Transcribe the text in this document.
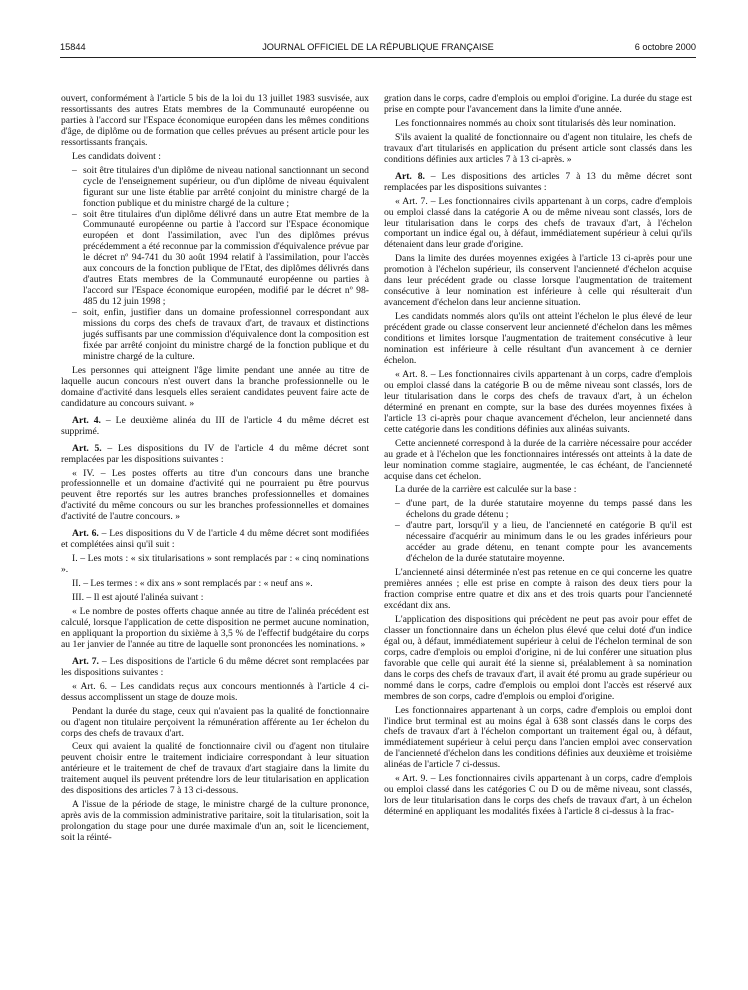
15844	JOURNAL OFFICIEL DE LA RÉPUBLIQUE FRANÇAISE	6 octobre 2000

ouvert, conformément à l'article 5 bis de la loi du 13 juillet 1983 susvisée, aux ressortissants des autres Etats membres de la Communauté européenne ou parties à l'accord sur l'Espace économique européen dans les mêmes conditions d'âge, de diplôme ou de formation que celles prévues au présent article pour les ressortissants français.

Les candidats doivent :

– soit être titulaires d'un diplôme de niveau national sanctionnant un second cycle de l'enseignement supérieur, ou d'un diplôme de niveau équivalent figurant sur une liste établie par arrêté conjoint du ministre chargé de la fonction publique et du ministre chargé de la culture ;
– soit être titulaires d'un diplôme délivré dans un autre Etat membre de la Communauté européenne ou partie à l'accord sur l'Espace économique européen et dont l'assimilation, avec l'un des diplômes prévus précédemment a été reconnue par la commission d'équivalence prévue par le décret nº 94-741 du 30 août 1994 relatif à l'assimilation, pour l'accès aux concours de la fonction publique de l'Etat, des diplômes délivrés dans d'autres Etats membres de la Communauté européenne ou parties à l'accord sur l'Espace économique européen, modifié par le décret nº 98-485 du 12 juin 1998 ;
– soit, enfin, justifier dans un domaine professionnel correspondant aux missions du corps des chefs de travaux d'art, de travaux et distinctions jugés suffisants par une commission d'équivalence dont la composition est fixée par arrêté conjoint du ministre chargé de la fonction publique et du ministre chargé de la culture.

Les personnes qui atteignent l'âge limite pendant une année au titre de laquelle aucun concours n'est ouvert dans la branche professionnelle ou le domaine d'activité dans lesquels elles seraient candidates peuvent faire acte de candidature au concours suivant. »

Art. 4. – Le deuxième alinéa du III de l'article 4 du même décret est supprimé.

Art. 5. – Les dispositions du IV de l'article 4 du même décret sont remplacées par les dispositions suivantes :

« IV. – Les postes offerts au titre d'un concours dans une branche professionnelle et un domaine d'activité qui ne pourraient pu être pourvus peuvent être reportés sur les autres branches professionnelles et domaines d'activité du même concours ou sur les branches professionnelles et domaines d'activité de l'autre concours. »

Art. 6. – Les dispositions du V de l'article 4 du même décret sont modifiées et complétées ainsi qu'il suit :

I. – Les mots : « six titularisations » sont remplacés par : « cinq nominations ».

II. – Les termes : « dix ans » sont remplacés par : « neuf ans ».

III. – Il est ajouté l'alinéa suivant :

« Le nombre de postes offerts chaque année au titre de l'alinéa précédent est calculé, lorsque l'application de cette disposition ne permet aucune nomination, en appliquant la proportion du sixième à 3,5 % de l'effectif budgétaire du corps au 1er janvier de l'année au titre de laquelle sont prononcées les nominations. »

Art. 7. – Les dispositions de l'article 6 du même décret sont remplacées par les dispositions suivantes :

« Art. 6. – Les candidats reçus aux concours mentionnés à l'article 4 ci-dessus accomplissent un stage de douze mois.

Pendant la durée du stage, ceux qui n'avaient pas la qualité de fonctionnaire ou d'agent non titulaire perçoivent la rémunération afférente au 1er échelon du corps des chefs de travaux d'art.

Ceux qui avaient la qualité de fonctionnaire civil ou d'agent non titulaire peuvent choisir entre le traitement indiciaire correspondant à leur situation antérieure et le traitement de chef de travaux d'art stagiaire dans la limite du traitement auquel ils peuvent prétendre lors de leur titularisation en application des dispositions des articles 7 à 13 ci-dessous.

A l'issue de la période de stage, le ministre chargé de la culture prononce, après avis de la commission administrative paritaire, soit la titularisation, soit la prolongation du stage pour une durée maximale d'un an, soit le licenciement, soit la réinté-

gration dans le corps, cadre d'emplois ou emploi d'origine. La durée du stage est prise en compte pour l'avancement dans la limite d'une année.

Les fonctionnaires nommés au choix sont titularisés dès leur nomination.

S'ils avaient la qualité de fonctionnaire ou d'agent non titulaire, les chefs de travaux d'art titularisés en application du présent article sont classés dans les conditions définies aux articles 7 à 13 ci-après. »

Art. 8. – Les dispositions des articles 7 à 13 du même décret sont remplacées par les dispositions suivantes :

« Art. 7. – Les fonctionnaires civils appartenant à un corps, cadre d'emplois ou emploi classé dans la catégorie A ou de même niveau sont classés, lors de leur titularisation dans le corps des chefs de travaux d'art, à l'échelon comportant un indice égal ou, à défaut, immédiatement supérieur à celui qu'ils détenaient dans leur grade d'origine.

Dans la limite des durées moyennes exigées à l'article 13 ci-après pour une promotion à l'échelon supérieur, ils conservent l'ancienneté d'échelon acquise dans leur précédent grade ou classe lorsque l'augmentation de traitement consécutive à leur nomination est inférieure à celle qui résulterait d'un avancement d'échelon dans leur ancienne situation.

Les candidats nommés alors qu'ils ont atteint l'échelon le plus élevé de leur précédent grade ou classe conservent leur ancienneté d'échelon dans les mêmes conditions et limites lorsque l'augmentation de traitement consécutive à leur nomination est inférieure à celle résultant d'un avancement à ce dernier échelon.

« Art. 8. – Les fonctionnaires civils appartenant à un corps, cadre d'emplois ou emploi classé dans la catégorie B ou de même niveau sont classés, lors de leur titularisation dans le corps des chefs de travaux d'art, à un échelon déterminé en prenant en compte, sur la base des durées moyennes fixées à l'article 13 ci-après pour chaque avancement d'échelon, leur ancienneté dans cette catégorie dans les conditions définies aux alinéas suivants.

Cette ancienneté correspond à la durée de la carrière nécessaire pour accéder au grade et à l'échelon que les fonctionnaires intéressés ont atteints à la date de leur nomination comme stagiaire, augmentée, le cas échéant, de l'ancienneté acquise dans cet échelon.

La durée de la carrière est calculée sur la base :

– d'une part, de la durée statutaire moyenne du temps passé dans les échelons du grade détenu ;
– d'autre part, lorsqu'il y a lieu, de l'ancienneté en catégorie B qu'il est nécessaire d'acquérir au minimum dans le ou les grades inférieurs pour accéder au grade détenu, en tenant compte pour les avancements d'échelon de la durée statutaire moyenne.

L'ancienneté ainsi déterminée n'est pas retenue en ce qui concerne les quatre premières années ; elle est prise en compte à raison des deux tiers pour la fraction comprise entre quatre et dix ans et des trois quarts pour l'ancienneté excédant dix ans.

L'application des dispositions qui précèdent ne peut pas avoir pour effet de classer un fonctionnaire dans un échelon plus élevé que celui doté d'un indice égal ou, à défaut, immédiatement supérieur à celui de l'échelon terminal de son corps, cadre d'emplois ou emploi d'origine, ni de lui conférer une situation plus favorable que celle qui aurait été la sienne si, préalablement à sa nomination dans le corps des chefs de travaux d'art, il avait été promu au grade supérieur ou nommé dans le corps, cadre d'emplois ou emploi dont l'accès est réservé aux membres de son corps, cadre d'emplois ou emploi d'origine.

Les fonctionnaires appartenant à un corps, cadre d'emplois ou emploi dont l'indice brut terminal est au moins égal à 638 sont classés dans le corps des chefs de travaux d'art à l'échelon comportant un traitement égal ou, à défaut, immédiatement supérieur à celui perçu dans l'ancien emploi avec conservation de l'ancienneté d'échelon dans les conditions définies aux deuxième et troisième alinéas de l'article 7 ci-dessus.

« Art. 9. – Les fonctionnaires civils appartenant à un corps, cadre d'emplois ou emploi classé dans les catégories C ou D ou de même niveau, sont classés, lors de leur titularisation dans le corps des chefs de travaux d'art, à un échelon déterminé en appliquant les modalités fixées à l'article 8 ci-dessus à la frac-
